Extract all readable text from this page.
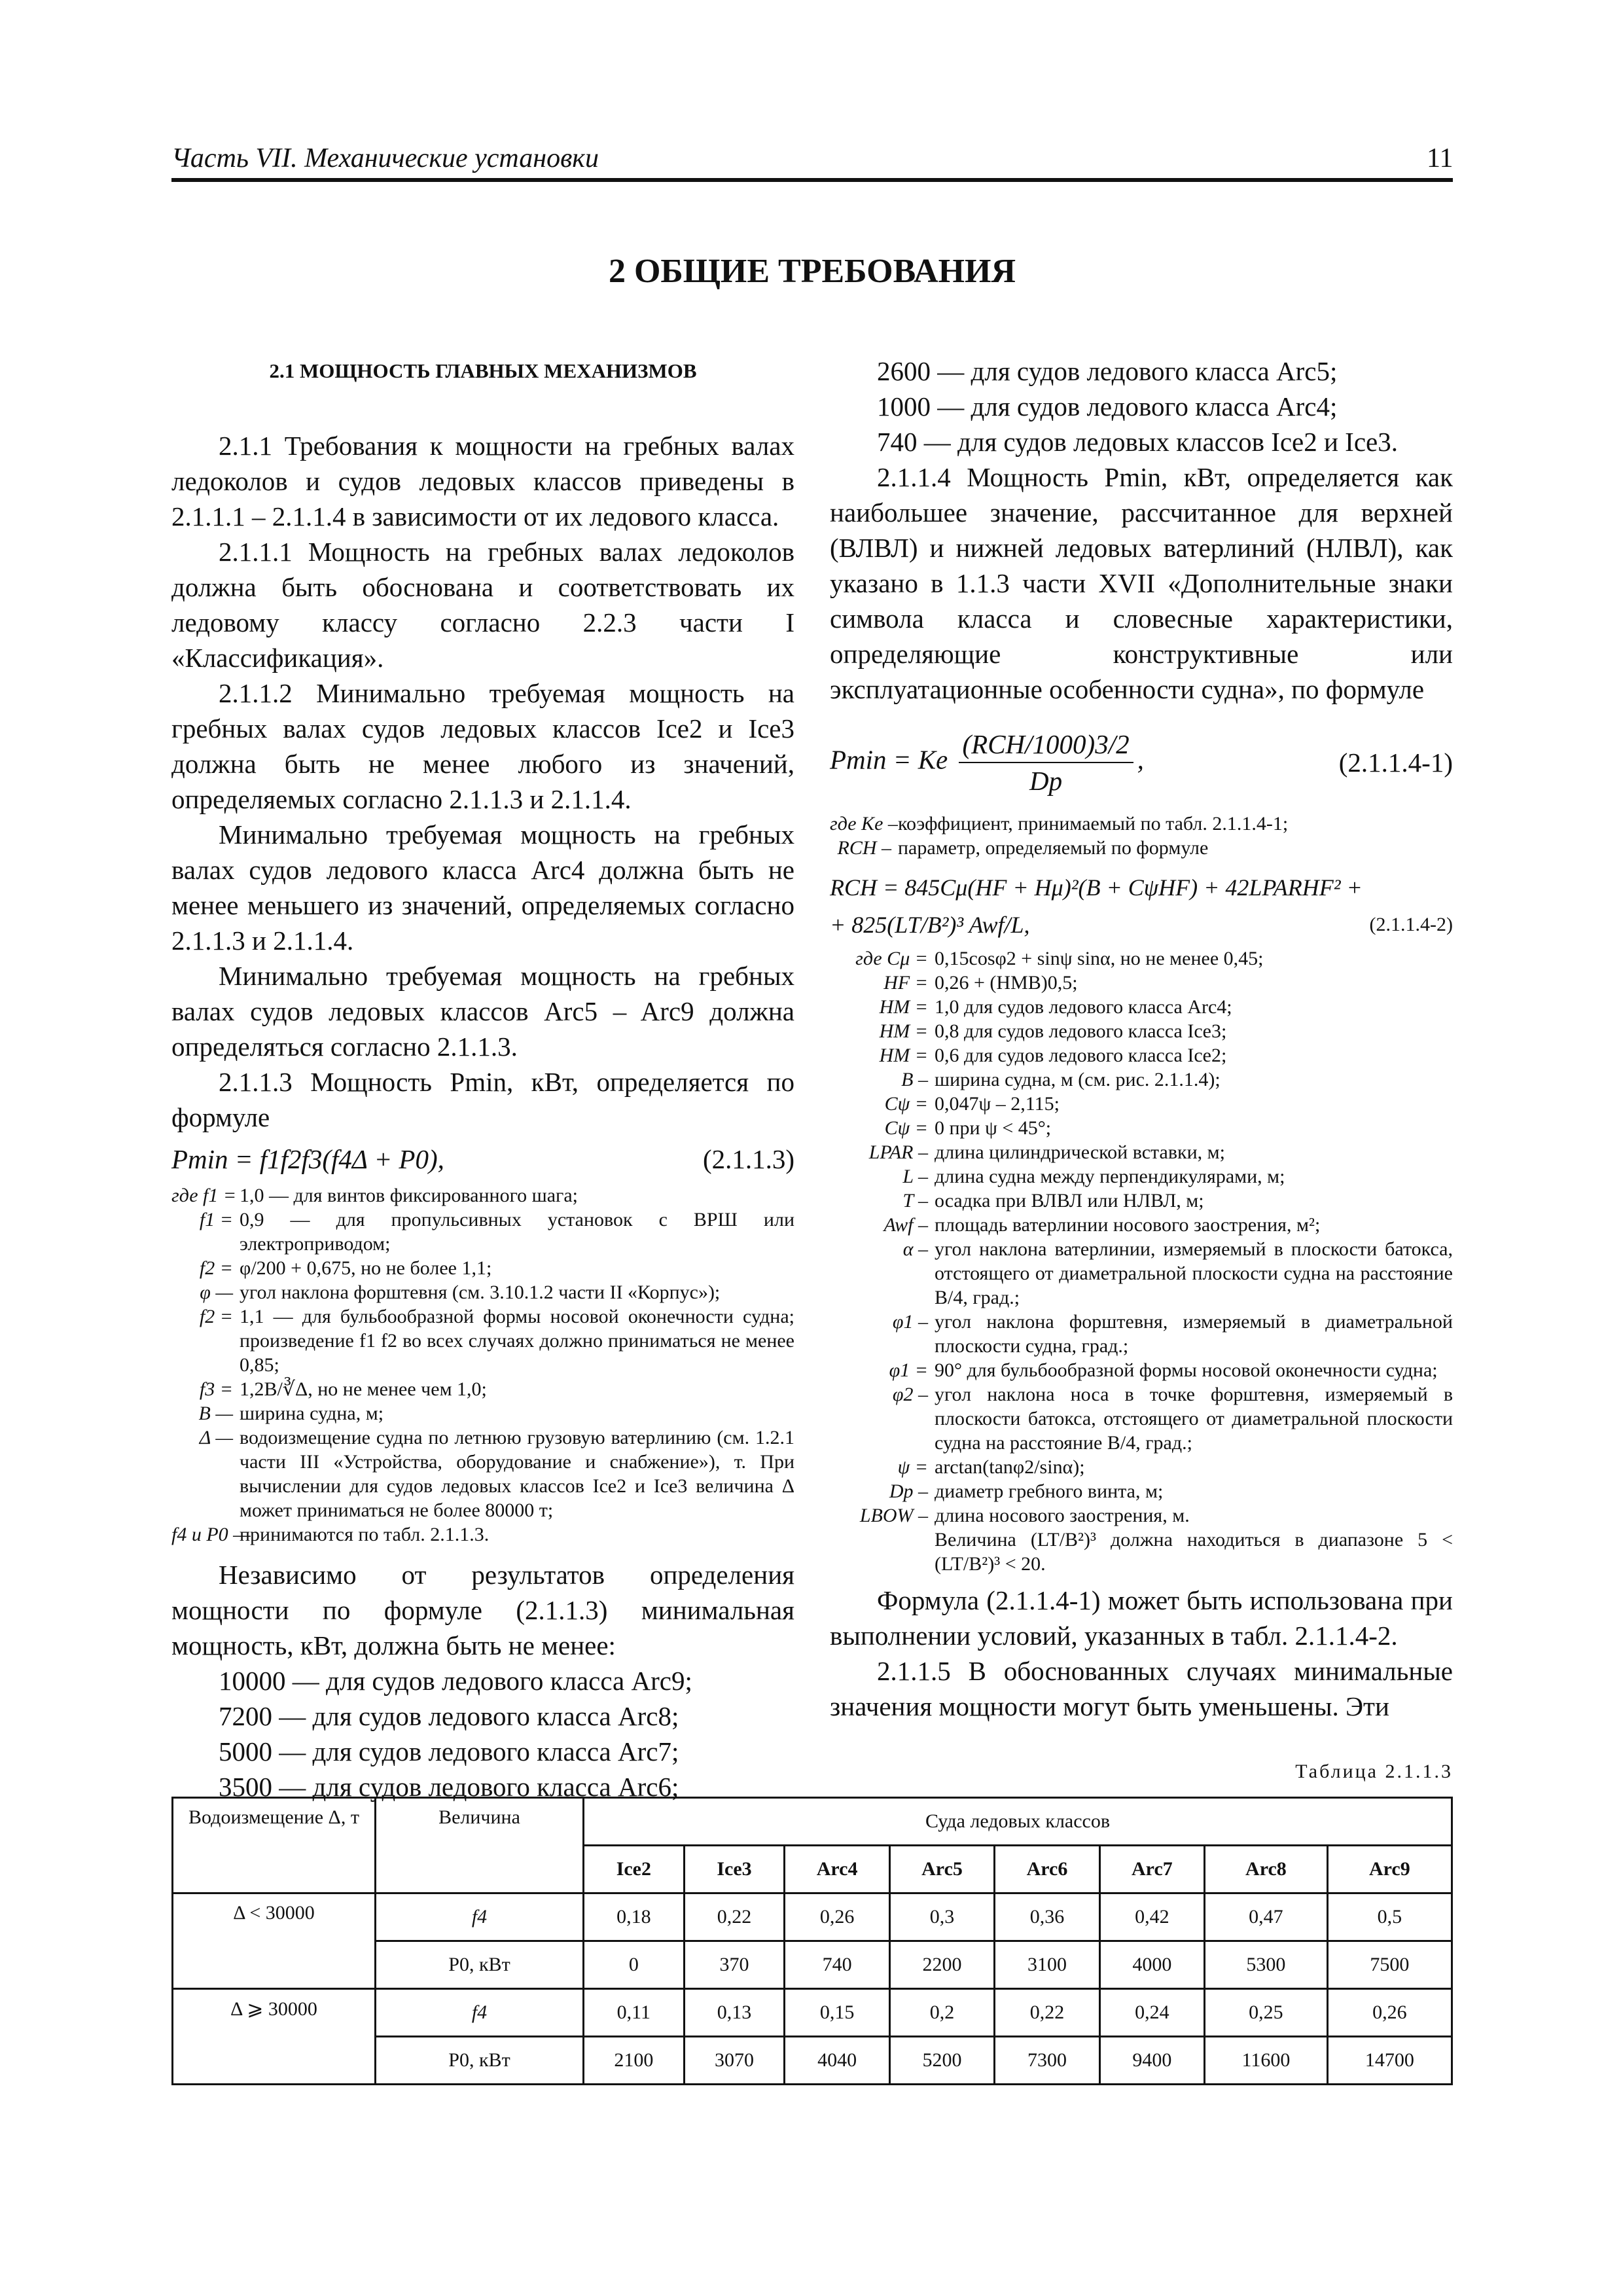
Часть VII. Механические установки	11
2 ОБЩИЕ ТРЕБОВАНИЯ

2.1 МОЩНОСТЬ ГЛАВНЫХ МЕХАНИЗМОВ

2.1.1 Требования к мощности на гребных валах ледоколов и судов ледовых классов приведены в 2.1.1.1 – 2.1.1.4 в зависимости от их ледового класса.

2.1.1.1 Мощность на гребных валах ледоколов должна быть обоснована и соответствовать их ледовому классу согласно 2.2.3 части I «Классификация».

2.1.1.2 Минимально требуемая мощность на гребных валах судов ледовых классов Ice2 и Ice3 должна быть не менее любого из значений, определяемых согласно 2.1.1.3 и 2.1.1.4.

Минимально требуемая мощность на гребных валах судов ледового класса Arc4 должна быть не менее меньшего из значений, определяемых согласно 2.1.1.3 и 2.1.1.4.

Минимально требуемая мощность на гребных валах судов ледовых классов Arc5 – Arc9 должна определяться согласно 2.1.1.3.

2.1.1.3 Мощность Pmin, кВт, определяется по формуле

Pmin = f1f2f3(f4Δ + P0),	(2.1.1.3)
где f1 = 1,0 — для винтов фиксированного шага;
f1 = 0,9 — для пропульсивных установок с ВРШ или электроприводом;
f2 = φ/200 + 0,675, но не более 1,1;
φ — угол наклона форштевня (см. 3.10.1.2 части II «Корпус»);
f2 = 1,1 — для бульбообразной формы носовой оконечности судна; произведение f1 f2 во всех случаях должно приниматься не менее 0,85;
f3 = 1,2B/∛Δ, но не менее чем 1,0;
B — ширина судна, м;
Δ — водоизмещение судна по летнюю грузовую ватерлинию (см. 1.2.1 части III «Устройства, оборудование и снабжение»), т. При вычислении для судов ледовых классов Ice2 и Ice3 величина Δ может приниматься не более 80000 т;
f4 и P0 —
принимаются по табл. 2.1.1.3.

Независимо от результатов определения мощности по формуле (2.1.1.3) минимальная мощность, кВт, должна быть не менее:

10000 — для судов ледового класса Arc9;

7200 — для судов ледового класса Arc8;

5000 — для судов ледового класса Arc7;

3500 — для судов ледового класса Arc6;

2600 — для судов ледового класса Arc5;

1000 — для судов ледового класса Arc4;

740 — для судов ледовых классов Ice2 и Ice3.

2.1.1.4 Мощность Pmin, кВт, определяется как наибольшее значение, рассчитанное для верхней (ВЛВЛ) и нижней ледовых ватерлиний (НЛВЛ), как указано в 1.1.3 части XVII «Дополнительные знаки символа класса и словесные характеристики, определяющие конструктивные или эксплуатационные особенности судна», по формуле

Pmin = Ke $\frac{\text{(RCH/1000)3/2}}{Dp}$ ,	(2.1.1.4-1)
где Ke – коэффициент, принимаемый по табл. 2.1.1.4-1;
RCH – параметр, определяемый по формуле
RCH = 845Cμ(HF + Hμ)²(B + CψHF) + 42LPARHF² +
+ 825(LT/B²)³ Awf/L,	(2.1.1.4-2)
где Cμ = 0,15cosφ2 + sinψ sinα, но не менее 0,45;
HF = 0,26 + (HMB)0,5;
HM = 1,0 для судов ледового класса Arc4;
HM = 0,8 для судов ледового класса Ice3;
HM = 0,6 для судов ледового класса Ice2;
B – ширина судна, м (см. рис. 2.1.1.4);
Cψ = 0,047ψ – 2,115;
Cψ = 0 при ψ < 45°;
LPAR – длина цилиндрической вставки, м;
L – длина судна между перпендикулярами, м;
T – осадка при ВЛВЛ или НЛВЛ, м;
Awf – площадь ватерлинии носового заострения, м²;
α – угол наклона ватерлинии, измеряемый в плоскости батокса, отстоящего от диаметральной плоскости судна на расстояние B/4, град.;
φ1 – угол наклона форштевня, измеряемый в диаметральной плоскости судна, град.;
φ1 = 90° для бульбообразной формы носовой оконечности судна;
φ2 – угол наклона носа в точке форштевня, измеряемый в плоскости батокса, отстоящего от диаметральной плоскости судна на расстояние B/4, град.;
ψ = arctan(tanφ2/sinα);
Dp – диаметр гребного винта, м;
LBOW – длина носового заострения, м.
Величина (LT/B²)³ должна находиться в диапазоне 5 < (LT/B²)³ < 20.

Формула (2.1.1.4-1) может быть использована при выполнении условий, указанных в табл. 2.1.1.4-2.

2.1.1.5 В обоснованных случаях минимальные значения мощности могут быть уменьшены. Эти

Таблица 2.1.1.3
Водоизмещение Δ, т	Величина	Суда ледовых классов							
		Ice2	Ice3	Arc4	Arc5	Arc6	Arc7	Arc8	Arc9
Δ < 30000	f4	0,18	0,22	0,26	0,3	0,36	0,42	0,47	0,5
	P0, кВт	0	370	740	2200	3100	4000	5300	7500
Δ ⩾ 30000	f4	0,11	0,13	0,15	0,2	0,22	0,24	0,25	0,26
	P0, кВт	2100	3070	4040	5200	7300	9400	11600	14700
